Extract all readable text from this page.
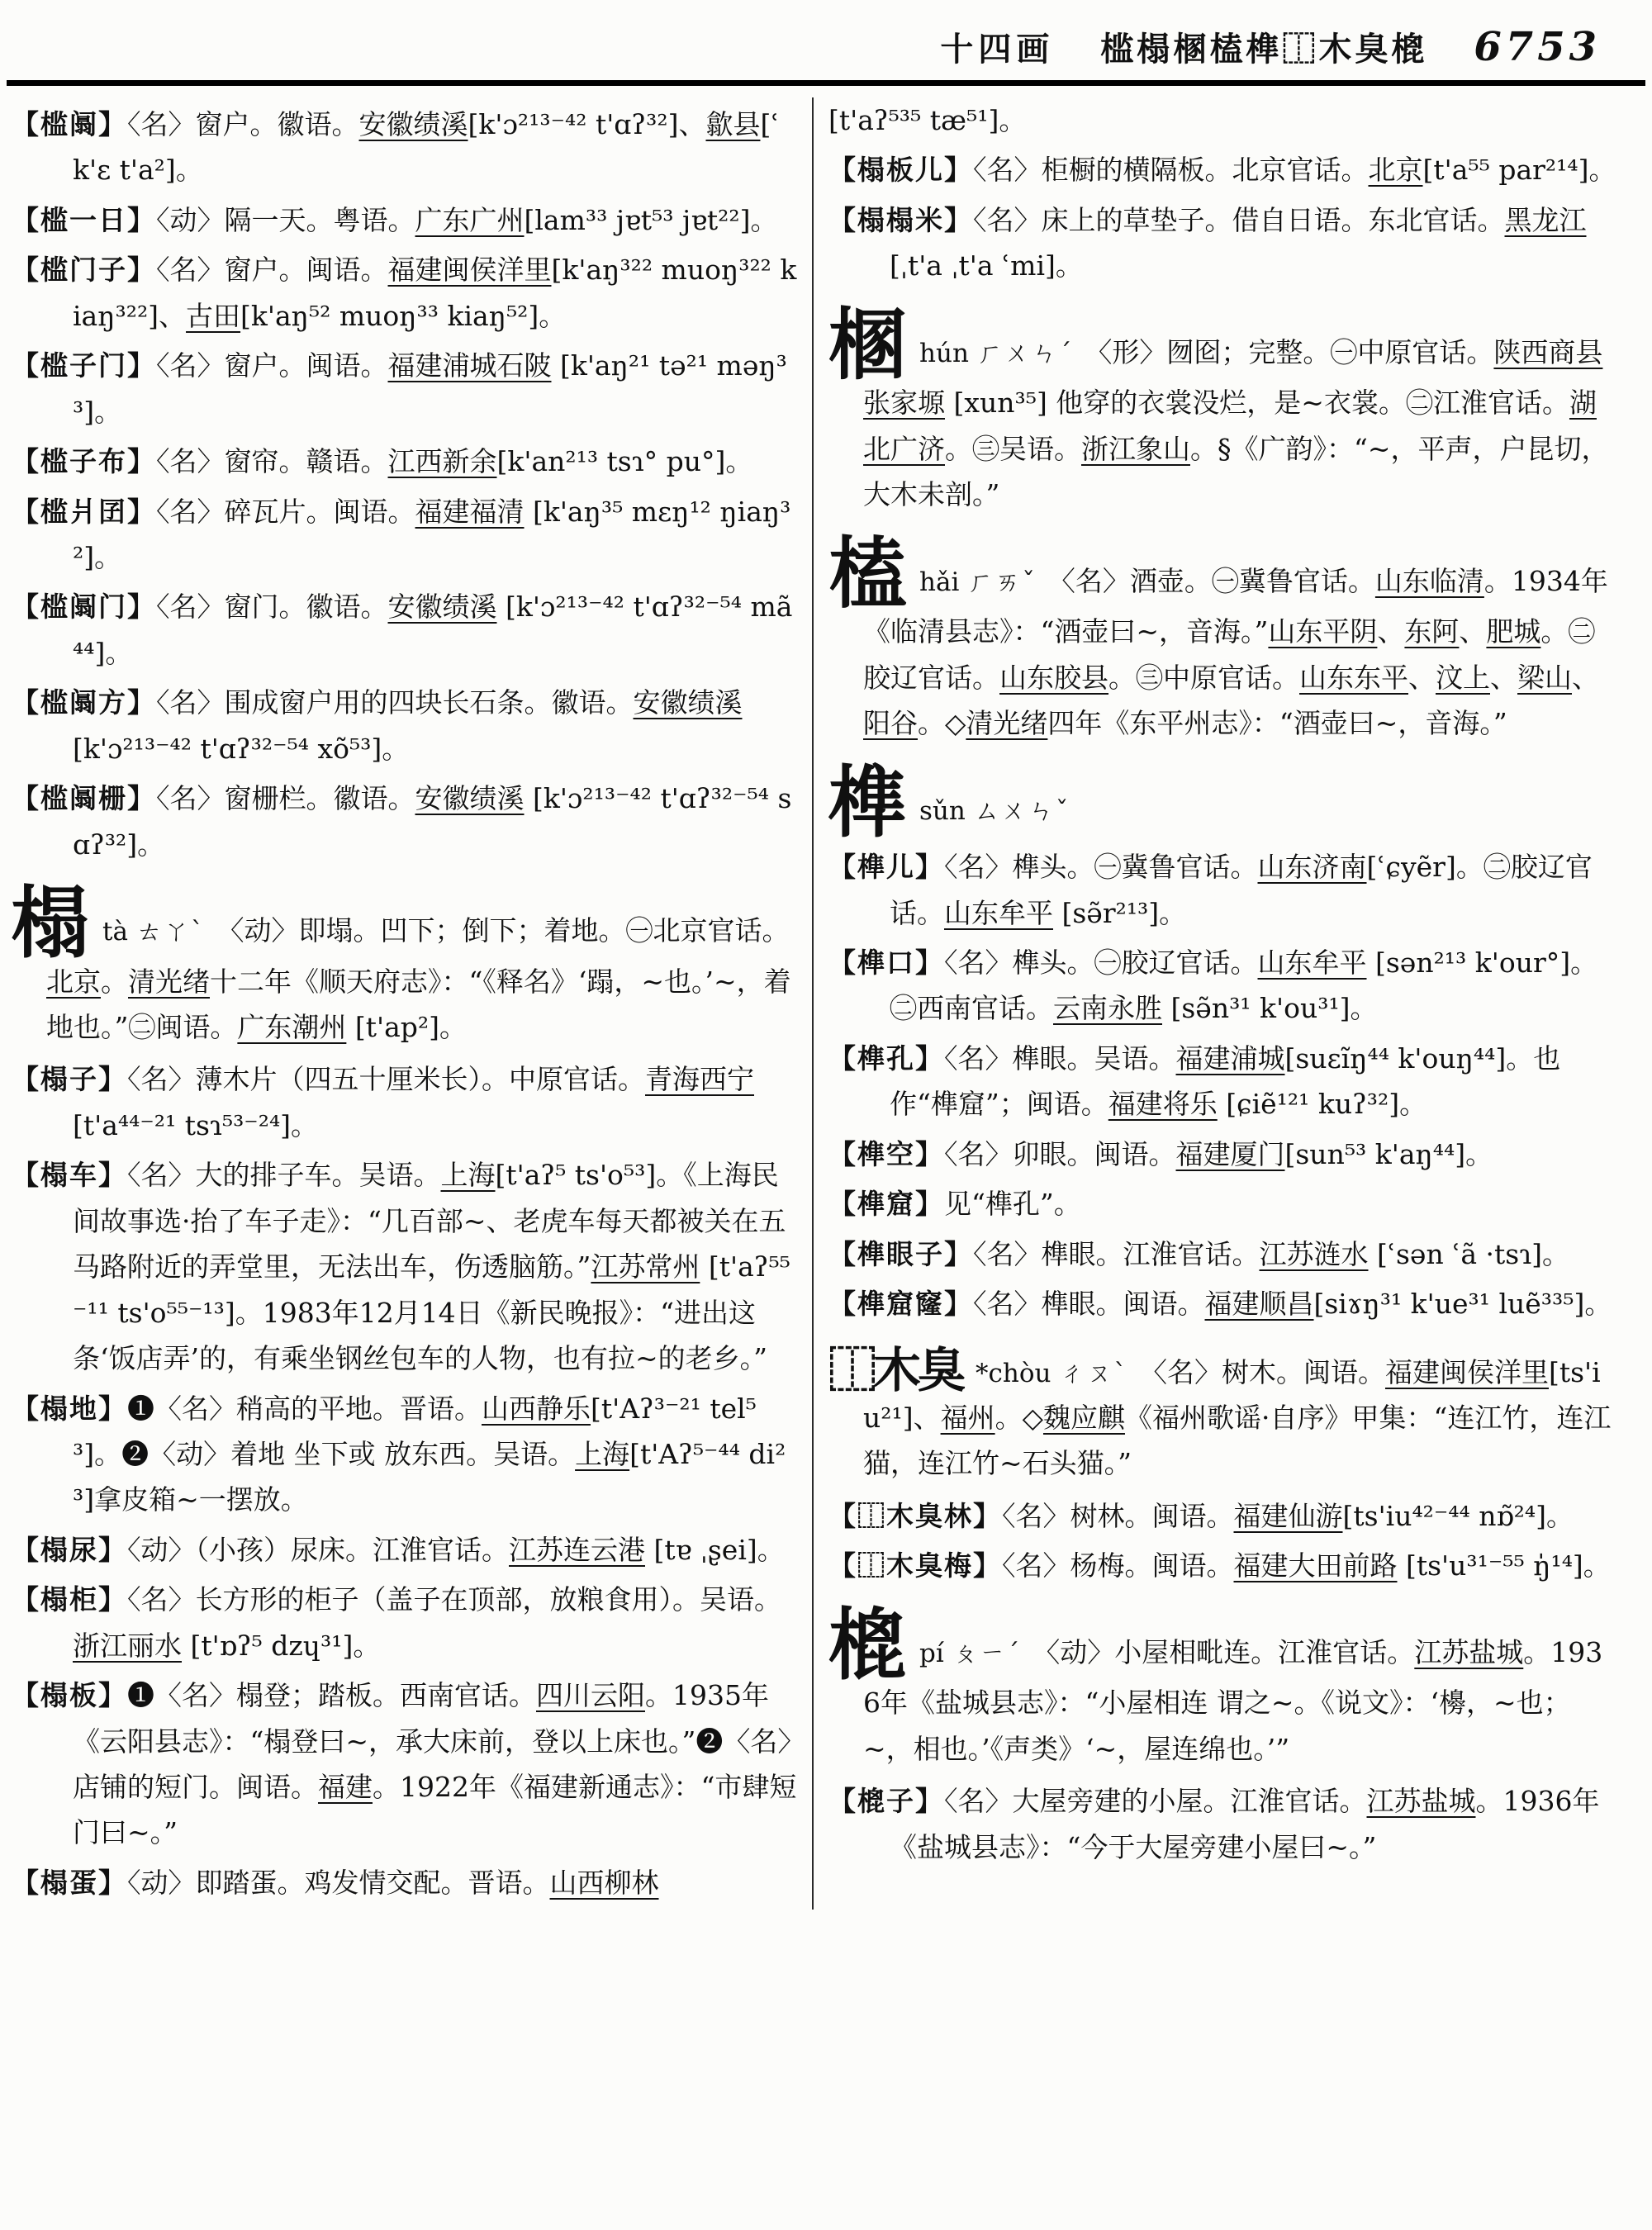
十四画 槛榻㮯榼榫⿰木臭㮰 6753
【槛阘】〈名〉窗户。徽语。安徽绩溪[k'ɔ²¹³⁻⁴² t'ɑʔ³²]、歙县[ʿk'ɛ t'a²]。
【槛一日】〈动〉隔一天。粤语。广东广州[lam³³ jɐt⁵³ jɐt²²]。
【槛门子】〈名〉窗户。闽语。福建闽侯洋里[k'aŋ³²² muoŋ³²² kiaŋ³²²]、古田[k'aŋ⁵² muoŋ³³ kiaŋ⁵²]。
【槛子门】〈名〉窗户。闽语。福建浦城石陂 [k'aŋ²¹ tə²¹ məŋ³³]。
【槛子布】〈名〉窗帘。赣语。江西新余[k'an²¹³ tsɿ° pu°]。
【槛爿囝】〈名〉碎瓦片。闽语。福建福清 [k'aŋ³⁵ mɛŋ¹² ŋiaŋ³²]。
【槛阘门】〈名〉窗门。徽语。安徽绩溪 [k'ɔ²¹³⁻⁴² t'ɑʔ³²⁻⁵⁴ mã⁴⁴]。
【槛阘方】〈名〉围成窗户用的四块长石条。徽语。安徽绩溪 [k'ɔ²¹³⁻⁴² t'ɑʔ³²⁻⁵⁴ xõ⁵³]。
【槛阘栅】〈名〉窗栅栏。徽语。安徽绩溪 [k'ɔ²¹³⁻⁴² t'ɑʔ³²⁻⁵⁴ sɑʔ³²]。
榻tà ㄊㄚˋ 〈动〉即塌。凹下；倒下；着地。㊀北京官话。北京。清光绪十二年《顺天府志》：“《释名》‘蹋，~也。’~，着地也。”㊁闽语。广东潮州 [t'ap²]。
【榻子】〈名〉薄木片（四五十厘米长）。中原官话。青海西宁 [t'a⁴⁴⁻²¹ tsɿ⁵³⁻²⁴]。
【榻车】〈名〉大的排子车。吴语。上海[t'aʔ⁵ ts'o⁵³]。《上海民间故事选·抬了车子走》：“几百部~、老虎车每天都被关在五马路附近的弄堂里，无法出车，伤透脑筋。”江苏常州 [t'aʔ⁵⁵⁻¹¹ ts'o⁵⁵⁻¹³]。1983年12月14日《新民晚报》：“进出这条‘饭店弄’的，有乘坐钢丝包车的人物，也有拉~的老乡。”
【榻地】❶〈名〉稍高的平地。晋语。山西静乐[t'Aʔ³⁻²¹ tel⁵³]。❷〈动〉着地 坐下或 放东西。吴语。上海[t'Aʔ⁵⁻⁴⁴ di²³]拿皮箱~一摆放。
【榻尿】〈动〉（小孩）尿床。江淮官话。江苏连云港 [tɐ ˌʂei]。
【榻柜】〈名〉长方形的柜子（盖子在顶部，放粮食用）。吴语。浙江丽水 [t'ɒʔ⁵ dzɥ³¹]。
【榻板】❶〈名〉榻登；踏板。西南官话。四川云阳。1935年《云阳县志》：“榻登曰~，承大床前，登以上床也。”❷〈名〉店铺的短门。闽语。福建。1922年《福建新通志》：“市肆短门曰~。”
【榻蛋】〈动〉即踏蛋。鸡发情交配。晋语。山西柳林
[t'aʔ⁵³⁵ tæ⁵¹]。
【榻板儿】〈名〉柜橱的横隔板。北京官话。北京[t'a⁵⁵ par²¹⁴]。
【榻榻米】〈名〉床上的草垫子。借自日语。东北官话。黑龙江 [ˌt'a ˌt'a ʿmi]。
㮯hún ㄏㄨㄣˊ 〈形〉囫囵；完整。㊀中原官话。陕西商县张家塬 [xun³⁵] 他穿的衣裳没烂，是~衣裳。㊁江淮官话。湖北广济。㊂吴语。浙江象山。§《广韵》：“~，平声，户昆切，大木未剖。”
榼hǎi ㄏㄞˇ 〈名〉酒壶。㊀冀鲁官话。山东临清。1934年《临清县志》：“酒壶曰~，音海。”山东平阴、东阿、肥城。㊁胶辽官话。山东胶县。㊂中原官话。山东东平、汶上、梁山、阳谷。◇清光绪四年《东平州志》：“酒壶曰~，音海。”
榫sǔn ㄙㄨㄣˇ
【榫儿】〈名〉榫头。㊀冀鲁官话。山东济南[ʿɕyẽr]。㊁胶辽官话。山东牟平 [sə̃r²¹³]。
【榫口】〈名〉榫头。㊀胶辽官话。山东牟平 [sən²¹³ k'our°]。㊁西南官话。云南永胜 [sə̃n³¹ k'ou³¹]。
【榫孔】〈名〉榫眼。吴语。福建浦城[suɛĩŋ⁴⁴ k'ouŋ⁴⁴]。也作“榫窟”；闽语。福建将乐 [ɕiẽ¹²¹ kuʔ³²]。
【榫空】〈名〉卯眼。闽语。福建厦门[sun⁵³ k'aŋ⁴⁴]。
【榫窟】见“榫孔”。
【榫眼子】〈名〉榫眼。江淮官话。江苏涟水 [ʿsən ʿã ·tsɿ]。
【榫窟窿】〈名〉榫眼。闽语。福建顺昌[siɤŋ³¹ k'ue³¹ luẽ³³⁵]。
⿰木臭 *chòu ㄔㄡˋ 〈名〉树木。闽语。福建闽侯洋里[ts'iu²¹]、福州。◇魏应麒《福州歌谣·自序》甲集：“连江竹，连江猫，连江竹~石头猫。”
【⿰木臭林】〈名〉树林。闽语。福建仙游[ts'iu⁴²⁻⁴⁴ nɒ̃²⁴]。
【⿰木臭梅】〈名〉杨梅。闽语。福建大田前路 [ts'u³¹⁻⁵⁵ ŋ̍¹⁴]。
㮰pí ㄆㄧˊ 〈动〉小屋相毗连。江淮官话。江苏盐城。1936年《盐城县志》：“小屋相连 谓之~。《说文》：‘櫋，~也；~，相也。’《声类》‘~，屋连绵也。’”
【㮰子】〈名〉大屋旁建的小屋。江淮官话。江苏盐城。1936年《盐城县志》：“今于大屋旁建小屋曰~。”
